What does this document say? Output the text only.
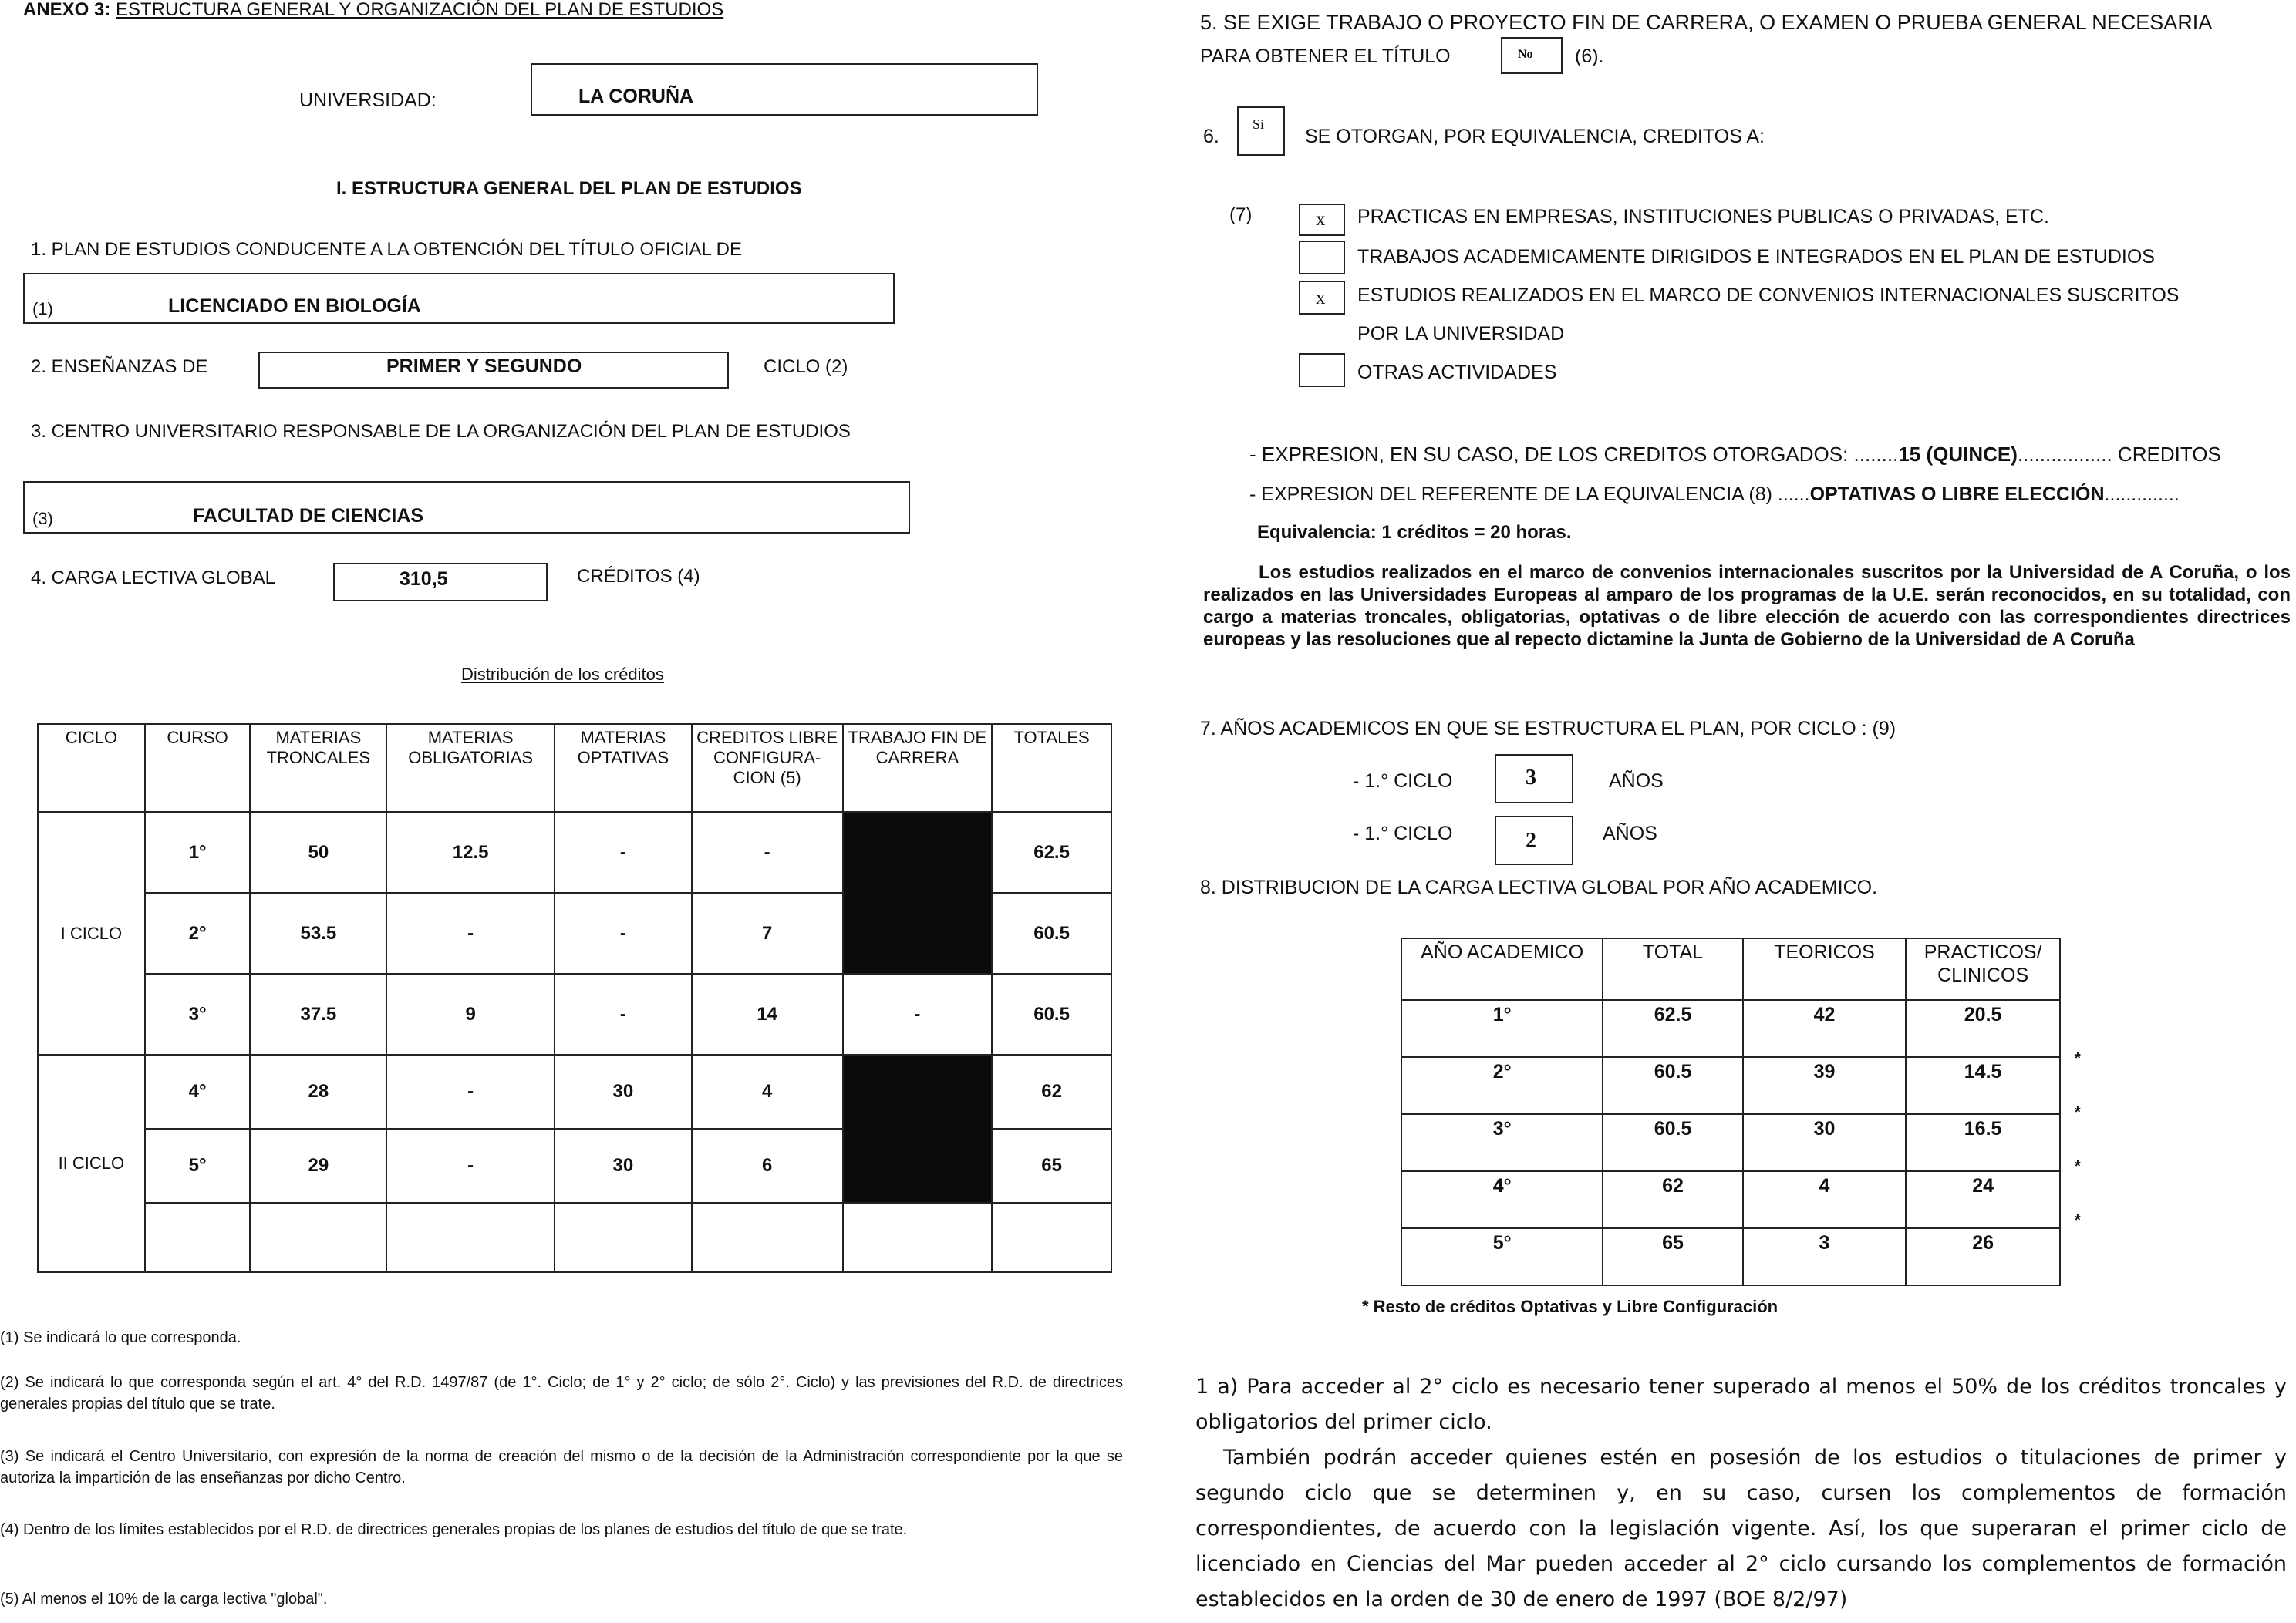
ANEXO 3: ESTRUCTURA GENERAL Y ORGANIZACIÓN DEL PLAN DE ESTUDIOS
UNIVERSIDAD:	LA CORUÑA
I. ESTRUCTURA GENERAL DEL PLAN DE ESTUDIOS
1. PLAN DE ESTUDIOS CONDUCENTE A LA OBTENCIÓN DEL TÍTULO OFICIAL DE
(1)	LICENCIADO EN BIOLOGÍA
2. ENSEÑANZAS DE	PRIMER Y SEGUNDO	CICLO (2)
3. CENTRO UNIVERSITARIO RESPONSABLE DE LA ORGANIZACIÓN DEL PLAN DE ESTUDIOS
(3)	FACULTAD DE CIENCIAS
4. CARGA LECTIVA GLOBAL	310,5	CRÉDITOS (4)
Distribución de los créditos
CICLO	CURSO	MATERIAS TRONCALES	MATERIAS OBLIGATORIAS	MATERIAS OPTATIVAS	CREDITOS LIBRE CONFIGURA-CION (5)	TRABAJO FIN DE CARRERA	TOTALES
I CICLO	1°	50	12.5	-	-		62.5
	2°	53.5	-	-	7		60.5
	3°	37.5	9	-	14	-	60.5
II CICLO	4°	28	-	30	4		62
	5°	29	-	30	6		65

(1) Se indicará lo que corresponda.
(2) Se indicará lo que corresponda según el art. 4° del R.D. 1497/87 (de 1°. Ciclo; de 1° y 2° ciclo; de sólo 2°. Ciclo) y las previsiones del R.D. de directrices generales propias del título que se trate.
(3) Se indicará el Centro Universitario, con expresión de la norma de creación del mismo o de la decisión de la Administración correspondiente por la que se autoriza la impartición de las enseñanzas por dicho Centro.
(4) Dentro de los límites establecidos por el R.D. de directrices generales propias de los planes de estudios del título de que se trate.
(5) Al menos el 10% de la carga lectiva "global".
5. SE EXIGE TRABAJO O PROYECTO FIN DE CARRERA, O EXAMEN O PRUEBA GENERAL NECESARIA
PARA OBTENER EL TÍTULO	No (6).
6.
Si
SE OTORGAN, POR EQUIVALENCIA, CREDITOS A:
(7)	x PRACTICAS EN EMPRESAS, INSTITUCIONES PUBLICAS O PRIVADAS, ETC.
TRABAJOS ACADEMICAMENTE DIRIGIDOS E INTEGRADOS EN EL PLAN DE ESTUDIOS
x ESTUDIOS REALIZADOS EN EL MARCO DE CONVENIOS INTERNACIONALES SUSCRITOS
POR LA UNIVERSIDAD
OTRAS ACTIVIDADES
- EXPRESION, EN SU CASO, DE LOS CREDITOS OTORGADOS: ........15 (QUINCE)................. CREDITOS
- EXPRESION DEL REFERENTE DE LA EQUIVALENCIA (8) ......OPTATIVAS O LIBRE ELECCIÓN..............
Equivalencia: 1 créditos = 20 horas.
Los estudios realizados en el marco de convenios internacionales suscritos por la Universidad de A Coruña, o los realizados en las Universidades Europeas al amparo de los programas de la U.E. serán reconocidos, en su totalidad, con cargo a materias troncales, obligatorias, optativas o de libre elección de acuerdo con las correspondientes directrices europeas y las resoluciones que al repecto dictamine la Junta de Gobierno de la Universidad de A Coruña
7. AÑOS ACADEMICOS EN QUE SE ESTRUCTURA EL PLAN, POR CICLO : (9)
- 1.° CICLO	3	AÑOS
- 1.° CICLO	2	AÑOS
8. DISTRIBUCION DE LA CARGA LECTIVA GLOBAL POR AÑO ACADEMICO.
AÑO ACADEMICO	TOTAL	TEORICOS	PRACTICOS/ CLINICOS
1°	62.5	42	20.5
2°	60.5	39	14.5
3°	60.5	30	16.5
4°	62	4	24
5°	65	3	26
*
*
*
*
* Resto de créditos Optativas y Libre Configuración
1 a) Para acceder al 2° ciclo es necesario tener superado al menos el 50% de los créditos troncales y obligatorios del primer ciclo.
También podrán acceder quienes estén en posesión de los estudios o titulaciones de primer y segundo ciclo que se determinen y, en su caso, cursen los complementos de formación correspondientes, de acuerdo con la legislación vigente. Así, los que superaran el primer ciclo de licenciado en Ciencias del Mar pueden acceder al 2° ciclo cursando los complementos de formación establecidos en la orden de 30 de enero de 1997 (BOE 8/2/97)
